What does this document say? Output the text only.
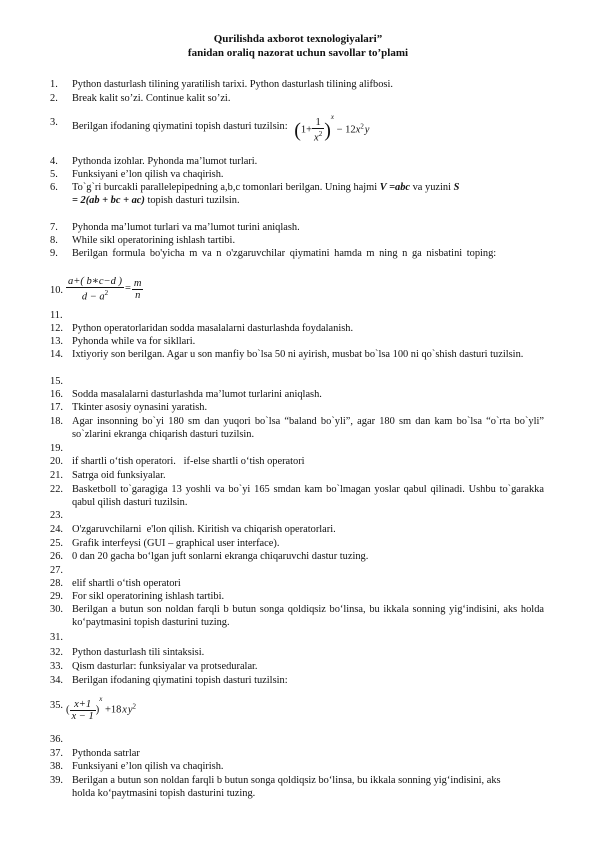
Qurilishda axborot texnologiyalari”
fanidan oraliq nazorat uchun savollar to’plami
1.	Python dasturlash tilining yaratilish tarixi. Python dasturlash tilining alifbosi.
2.	Break kalit so’zi. Continue kalit so’zi.
3.	Berilgan ifodaning qiymatini topish dasturi tuzilsin: $(1+ \frac{1}{x^2} )^x - 12x^2$ y
4.	Pythonda izohlar. Pyhonda ma’lumot turlari.
5.	Funksiyani e’lon qilish va chaqirish.
6.	To`g`ri burcakli parallelepipedning a,b,c tomonlari berilgan. Uning hajmi V =abc va yuzini S
= 2(ab + bc + ac) topish dasturi tuzilsin.
7.	Pyhonda ma’lumot turlari va ma’lumot turini aniqlash.
8.	While sikl operatorining ishlash tartibi.
9.	Berilgan formula bo'yicha m va n o'zgaruvchilar qiymatini hamda m ning n ga nisbatini toping:
10. $\frac{a+( b∗c-d )}{d - a^2} = \frac{m}{n}$
11.
12. Python operatorlaridan sodda masalalarni dasturlashda foydalanish.
13. Pyhonda while va for sikllari.
14. Ixtiyoriy son berilgan. Agar u son manfiy bo`lsa 50 ni ayirish, musbat bo`lsa 100 ni qo`shish dasturi tuzilsin.
15.
16. Sodda masalalarni dasturlashda ma’lumot turlarini aniqlash.
17. Tkinter asosiy oynasini yaratish.
18. Agar insonning bo`yi 180 sm dan yuqori bo`lsa “baland bo`yli”, agar 180 sm dan kam bo`lsa “o`rta bo`yli” so`zlarini ekranga chiqarish dasturi tuzilsin.
19.
20. if shartli o‘tish operatori.   if-else shartli o‘tish operatori
21. Satrga oid funksiyalar.
22. Basketboll to`garagiga 13 yoshli va bo`yi 165 smdan kam bo`lmagan yoslar qabul qilinadi. Ushbu to`garakka qabul qilish dasturi tuzilsin.
23.
24. O'zgaruvchilarni  e'lon qilish. Kiritish va chiqarish operatorlari.
25. Grafik interfeysi (GUI – graphical user interface).
26. 0 dan 20 gacha bo‘lgan juft sonlarni ekranga chiqaruvchi dastur tuzing.
27.
28. elif shartli o‘tish operatori
29. For sikl operatorining ishlash tartibi.
30. Berilgan a butun son noldan farqli b butun songa qoldiqsiz bo‘linsa, bu ikkala sonning yig‘indisini, aks holda ko‘paytmasini topish dasturini tuzing.
31.
32. Python dasturlash tili sintaksisi.
33. Qism dasturlar: funksiyalar va protseduralar.
34. Berilgan ifodaning qiymatini topish dasturi tuzilsin:
35. ( $\frac{x+1}{x - 1} )^x +18$ x $y^2$
36.
37. Pythonda satrlar
38. Funksiyani e’lon qilish va chaqirish.
39. Berilgan a butun son noldan farqli b butun songa qoldiqsiz bo‘linsa, bu ikkala sonning yig‘indisini, aks holda ko‘paytmasini topish dasturini tuzing.
